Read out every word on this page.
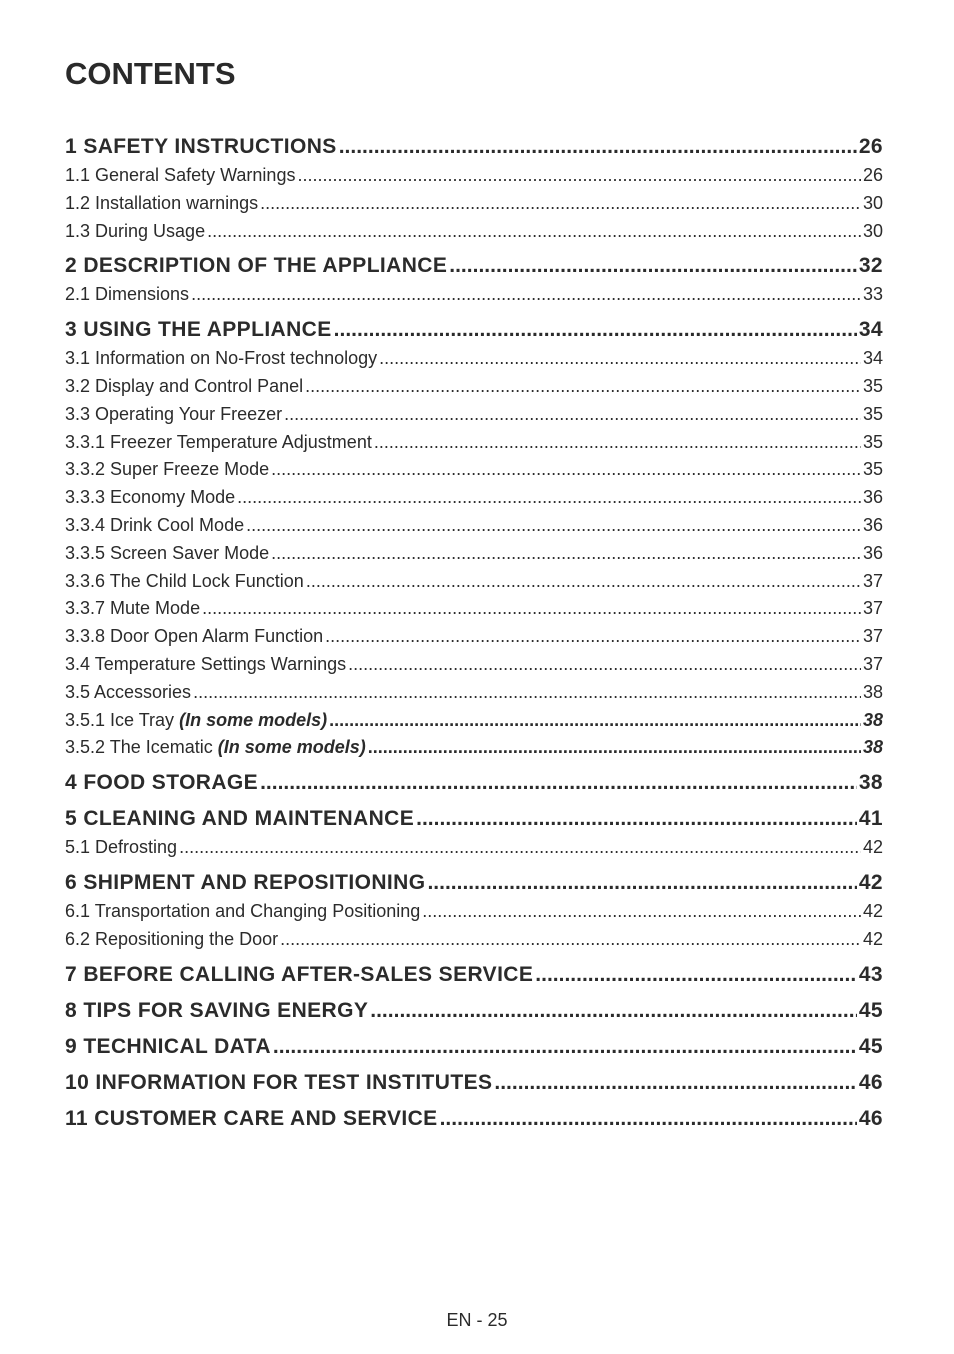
CONTENTS
1 SAFETY INSTRUCTIONS .....	26
1.1 General Safety Warnings .....	26
1.2 Installation warnings .....	30
1.3 During Usage .....	30
2 DESCRIPTION OF THE APPLIANCE .....	32
2.1 Dimensions .....	33
3 USING THE APPLIANCE .....	34
3.1 Information on No-Frost technology .....	34
3.2 Display and Control Panel .....	35
3.3 Operating Your Freezer .....	35
3.3.1 Freezer Temperature Adjustment .....	35
3.3.2 Super Freeze Mode .....	35
3.3.3 Economy Mode .....	36
3.3.4 Drink Cool Mode .....	36
3.3.5 Screen Saver Mode .....	36
3.3.6 The Child Lock Function .....	37
3.3.7 Mute Mode .....	37
3.3.8 Door Open Alarm Function .....	37
3.4 Temperature Settings Warnings .....	37
3.5 Accessories .....	38
3.5.1 Ice Tray (In some models) .....	38
3.5.2 The Icematic (In some models) .....	38
4 FOOD STORAGE .....	38
5 CLEANING AND MAINTENANCE .....	41
5.1 Defrosting .....	42
6 SHIPMENT AND REPOSITIONING .....	42
6.1 Transportation and Changing Positioning .....	42
6.2 Repositioning the Door .....	42
7 BEFORE CALLING AFTER-SALES SERVICE .....	43
8 TIPS FOR SAVING ENERGY .....	45
9 TECHNICAL DATA .....	45
10 INFORMATION FOR TEST INSTITUTES .....	46
11 CUSTOMER CARE AND SERVICE .....	46
EN - 25
